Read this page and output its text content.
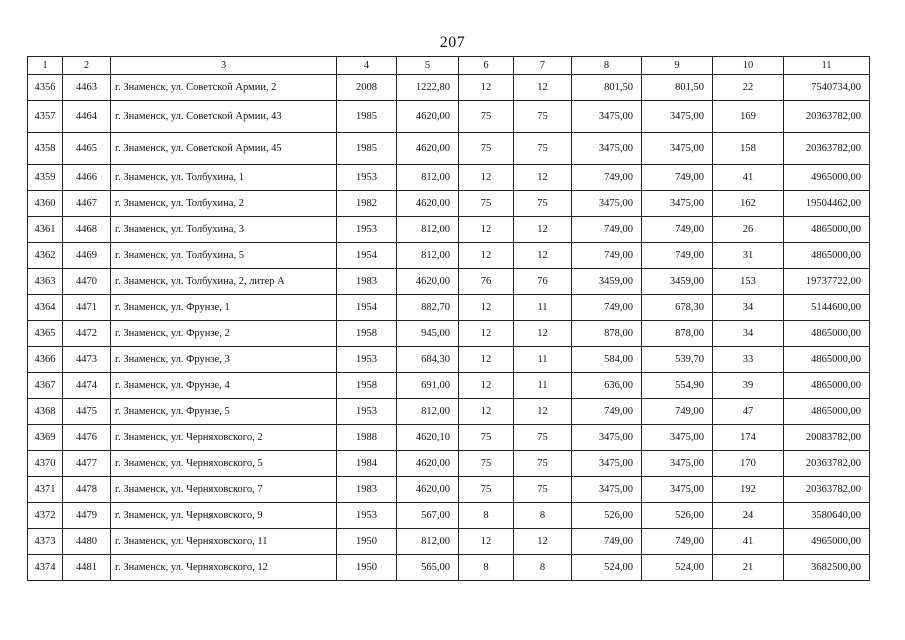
207
1	2	3	4	5	6	7	8	9	10	11
4356	4463	г. Знаменск, ул. Советской Армии, 2	2008	1222,80	12	12	801,50	801,50	22	7540734,00
4357	4464	г. Знаменск, ул. Советской Армии, 43	1985	4620,00	75	75	3475,00	3475,00	169	20363782,00
4358	4465	г. Знаменск, ул. Советской Армии, 45	1985	4620,00	75	75	3475,00	3475,00	158	20363782,00
4359	4466	г. Знаменск, ул. Толбухина, 1	1953	812,00	12	12	749,00	749,00	41	4965000,00
4360	4467	г. Знаменск, ул. Толбухина, 2	1982	4620,00	75	75	3475,00	3475,00	162	19504462,00
4361	4468	г. Знаменск, ул. Толбухина, 3	1953	812,00	12	12	749,00	749,00	26	4865000,00
4362	4469	г. Знаменск, ул. Толбухина, 5	1954	812,00	12	12	749,00	749,00	31	4865000,00
4363	4470	г. Знаменск, ул. Толбухина, 2, литер А	1983	4620,00	76	76	3459,00	3459,00	153	19737722,00
4364	4471	г. Знаменск, ул. Фрунзе, 1	1954	882,70	12	11	749,00	678,30	34	5144600,00
4365	4472	г. Знаменск, ул. Фрунзе, 2	1958	945,00	12	12	878,00	878,00	34	4865000,00
4366	4473	г. Знаменск, ул. Фрунзе, 3	1953	684,30	12	11	584,00	539,70	33	4865000,00
4367	4474	г. Знаменск, ул. Фрунзе, 4	1958	691,00	12	11	636,00	554,90	39	4865000,00
4368	4475	г. Знаменск, ул. Фрунзе, 5	1953	812,00	12	12	749,00	749,00	47	4865000,00
4369	4476	г. Знаменск, ул. Черняховского, 2	1988	4620,10	75	75	3475,00	3475,00	174	20083782,00
4370	4477	г. Знаменск, ул. Черняховского, 5	1984	4620,00	75	75	3475,00	3475,00	170	20363782,00
4371	4478	г. Знаменск, ул. Черняховского, 7	1983	4620,00	75	75	3475,00	3475,00	192	20363782,00
4372	4479	г. Знаменск, ул. Черняховского, 9	1953	567,00	8	8	526,00	526,00	24	3580640,00
4373	4480	г. Знаменск, ул. Черняховского, 11	1950	812,00	12	12	749,00	749,00	41	4965000,00
4374	4481	г. Знаменск, ул. Черняховского, 12	1950	565,00	8	8	524,00	524,00	21	3682500,00
